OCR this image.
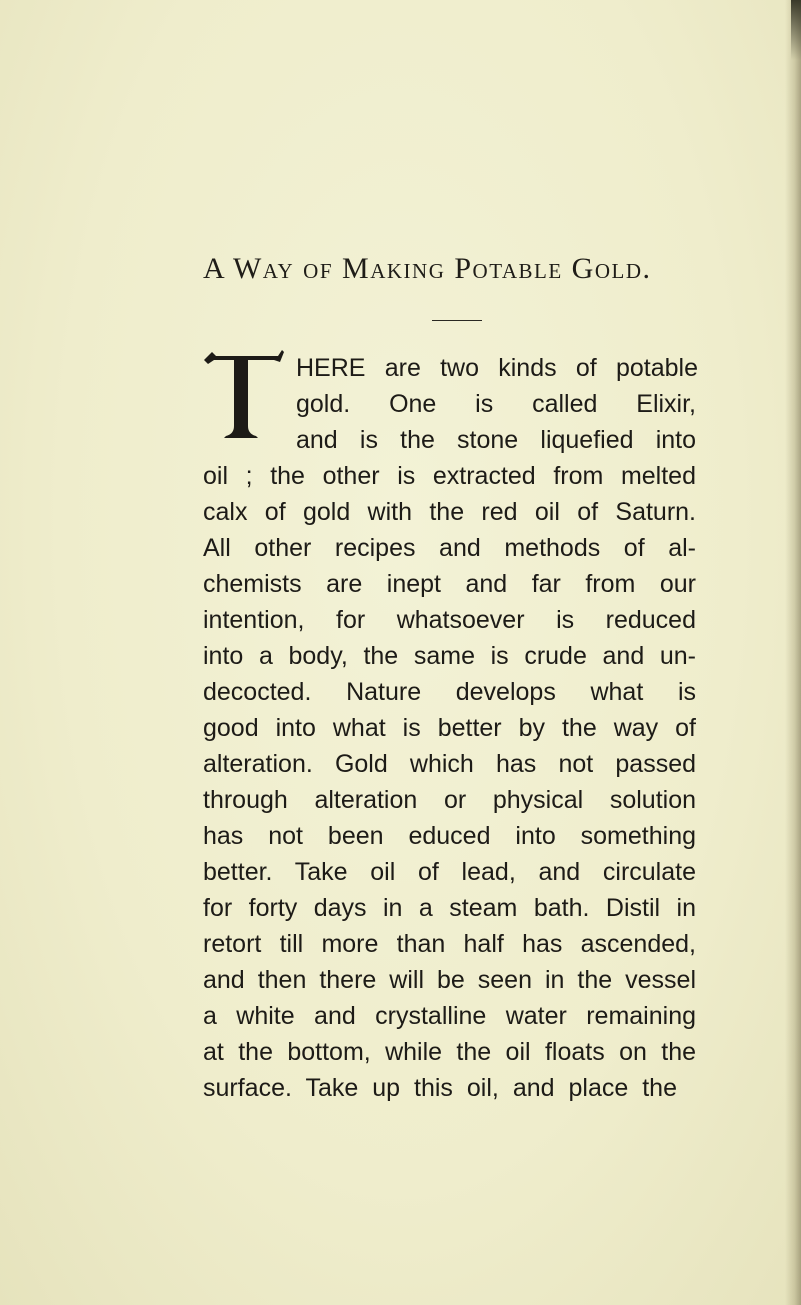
A Way of Making Potable Gold.
HERE are two kinds of potable
gold. One is called Elixir,
and is the stone liquefied into
oil ; the other is extracted from melted
calx of gold with the red oil of Saturn.
All other recipes and methods of al-
chemists are inept and far from our
intention, for whatsoever is reduced
into a body, the same is crude and un-
decocted. Nature develops what is
good into what is better by the way of
alteration. Gold which has not passed
through alteration or physical solution
has not been educed into something
better. Take oil of lead, and circulate
for forty days in a steam bath. Distil in
retort till more than half has ascended,
and then there will be seen in the vessel
a white and crystalline water remaining
at the bottom, while the oil floats on the
surface. Take up this oil, and place the
